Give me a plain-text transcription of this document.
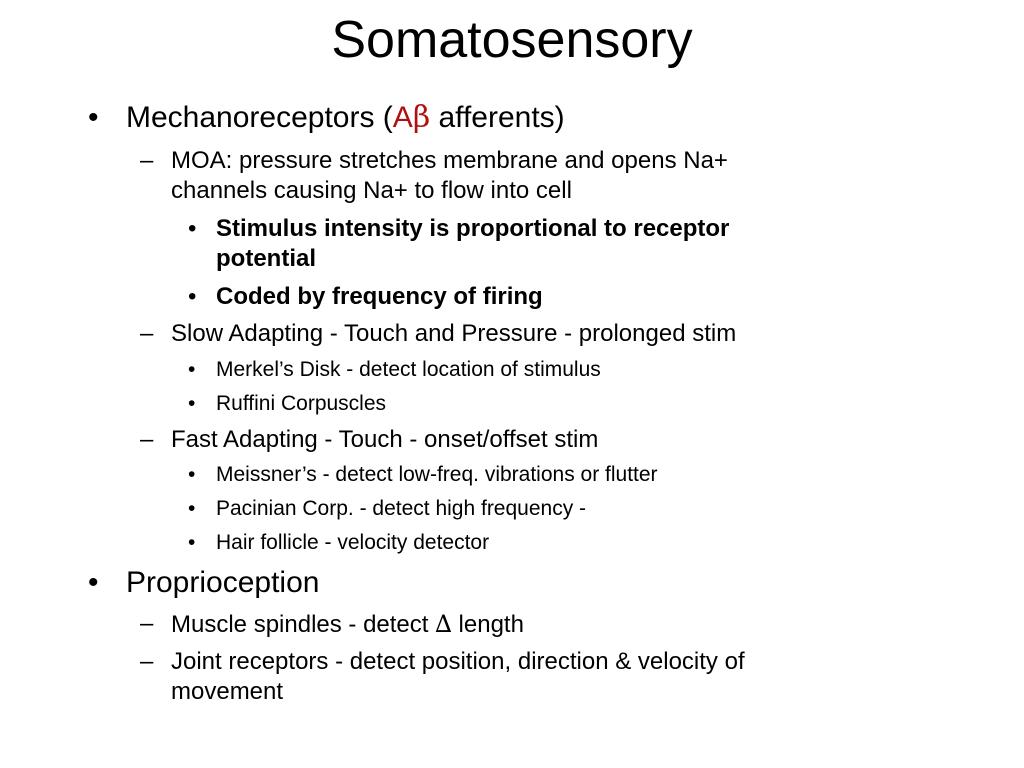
Somatosensory
• Mechanoreceptors (Aβ afferents)
– MOA: pressure stretches membrane and opens Na+
channels causing Na+ to flow into cell
• Stimulus intensity is proportional to receptor
potential
• Coded by frequency of firing
– Slow Adapting - Touch and Pressure - prolonged stim
• Merkel’s Disk - detect location of stimulus
• Ruffini Corpuscles
– Fast Adapting - Touch - onset/offset stim
• Meissner’s - detect low-freq. vibrations or flutter
• Pacinian Corp. - detect high frequency -
• Hair follicle - velocity detector
• Proprioception
– Muscle spindles - detect ∆ length
– Joint receptors - detect position, direction & velocity of
movement
